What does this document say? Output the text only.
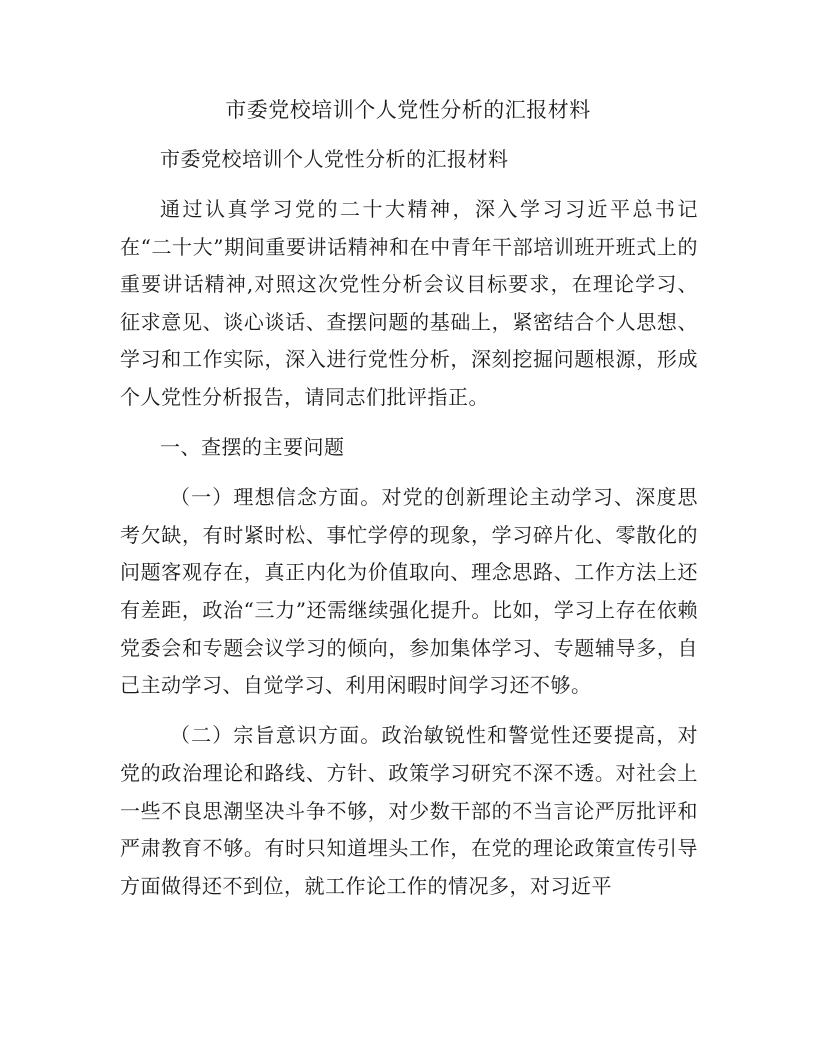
市委党校培训个人党性分析的汇报材料

市委党校培训个人党性分析的汇报材料

通过认真学习党的二十大精神，深入学习习近平总书记在“二十大”期间重要讲话精神和在中青年干部培训班开班式上的重要讲话精神,对照这次党性分析会议目标要求，在理论学习、征求意见、谈心谈话、查摆问题的基础上，紧密结合个人思想、学习和工作实际，深入进行党性分析，深刻挖掘问题根源，形成个人党性分析报告，请同志们批评指正。

一、查摆的主要问题

（一）理想信念方面。对党的创新理论主动学习、深度思考欠缺，有时紧时松、事忙学停的现象，学习碎片化、零散化的问题客观存在，真正内化为价值取向、理念思路、工作方法上还有差距，政治“三力”还需继续强化提升。比如，学习上存在依赖党委会和专题会议学习的倾向，参加集体学习、专题辅导多，自己主动学习、自觉学习、利用闲暇时间学习还不够。

（二）宗旨意识方面。政治敏锐性和警觉性还要提高，对党的政治理论和路线、方针、政策学习研究不深不透。对社会上一些不良思潮坚决斗争不够，对少数干部的不当言论严厉批评和严肃教育不够。有时只知道埋头工作，在党的理论政策宣传引导方面做得还不到位，就工作论工作的情况多，对习近平
